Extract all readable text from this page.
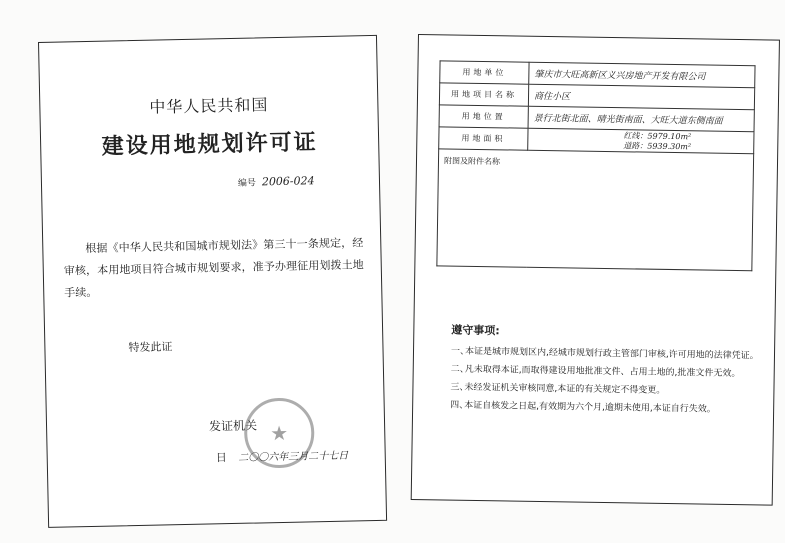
中华人民共和国
建设用地规划许可证
编号 2006-024
根据《中华人民共和国城市规划法》第三十一条规定，经审核，本用地项目符合城市规划要求，准予办理征用划拨土地手续。
特发此证
发证机关 ★
日 二〇〇六年三月二十七日
用地单位	肇庆市大旺高新区义兴房地产开发有限公司
用地项目名称	商住小区
用地位置	景行北街北面、晴光街南面、大旺大道东侧南面
用地面积	红线：5979.10m²
道路：5939.30m²

附图及附件名称	
遵守事项:
一、本证是城市规划区内,经城市规划行政主管部门审核,许可用地的法律凭证。
二、凡未取得本证,而取得建设用地批准文件、占用土地的,批准文件无效。
三、未经发证机关审核同意,本证的有关规定不得变更。
四、本证自核发之日起,有效期为六个月,逾期未使用,本证自行失效。
